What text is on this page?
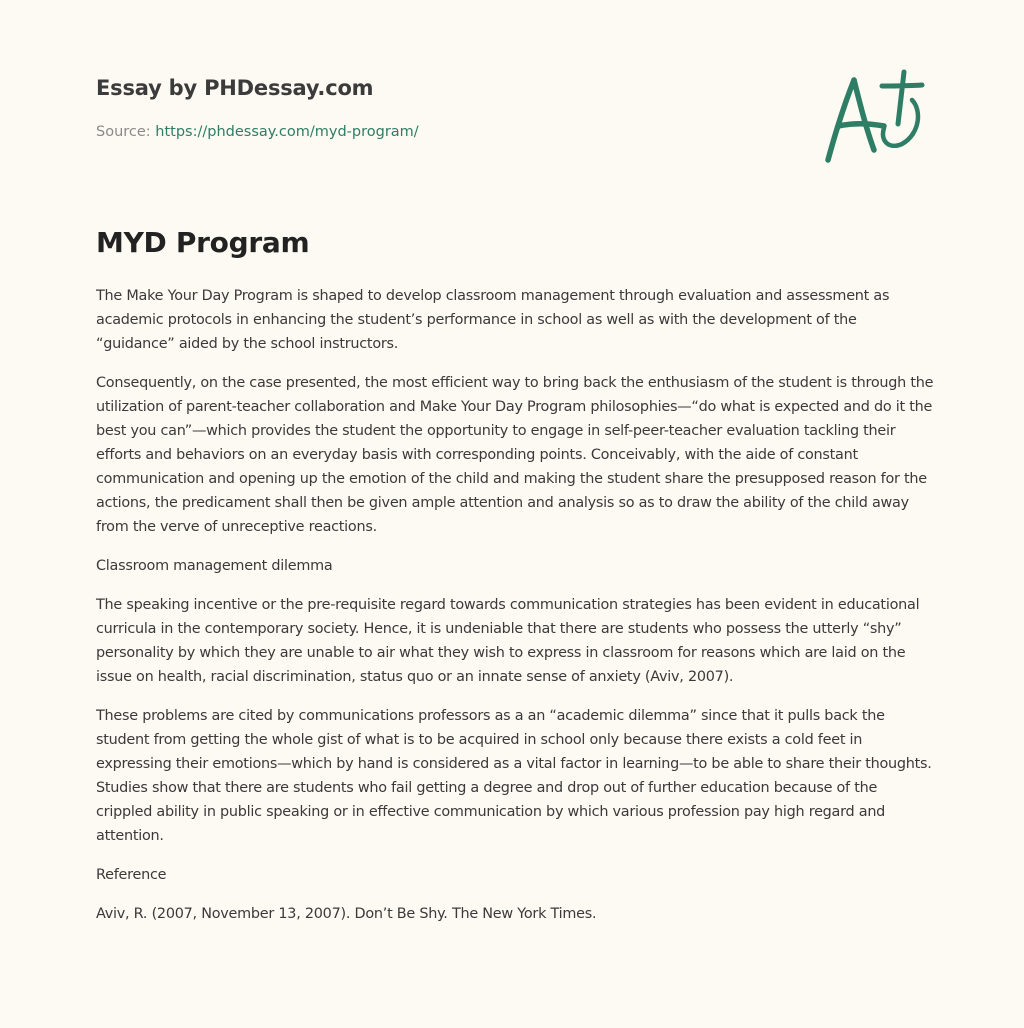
Essay by PHDessay.com
Source: https://phdessay.com/myd-program/
MYD Program

The Make Your Day Program is shaped to develop classroom management through evaluation and assessment as academic protocols in enhancing the student’s performance in school as well as with the development of the “guidance” aided by the school instructors.

Consequently, on the case presented, the most efficient way to bring back the enthusiasm of the student is through the utilization of parent-teacher collaboration and Make Your Day Program philosophies—“do what is expected and do it the best you can”—which provides the student the opportunity to engage in self-peer-teacher evaluation tackling their efforts and behaviors on an everyday basis with corresponding points. Conceivably, with the aide of constant communication and opening up the emotion of the child and making the student share the presupposed reason for the actions, the predicament shall then be given ample attention and analysis so as to draw the ability of the child away from the verve of unreceptive reactions.

Classroom management dilemma

The speaking incentive or the pre-requisite regard towards communication strategies has been evident in educational curricula in the contemporary society. Hence, it is undeniable that there are students who possess the utterly “shy” personality by which they are unable to air what they wish to express in classroom for reasons which are laid on the issue on health, racial discrimination, status quo or an innate sense of anxiety (Aviv, 2007).

These problems are cited by communications professors as a an “academic dilemma” since that it pulls back the student from getting the whole gist of what is to be acquired in school only because there exists a cold feet in expressing their emotions—which by hand is considered as a vital factor in learning—to be able to share their thoughts. Studies show that there are students who fail getting a degree and drop out of further education because of the crippled ability in public speaking or in effective communication by which various profession pay high regard and attention.

Reference

Aviv, R. (2007, November 13, 2007). Don’t Be Shy. The New York Times.
